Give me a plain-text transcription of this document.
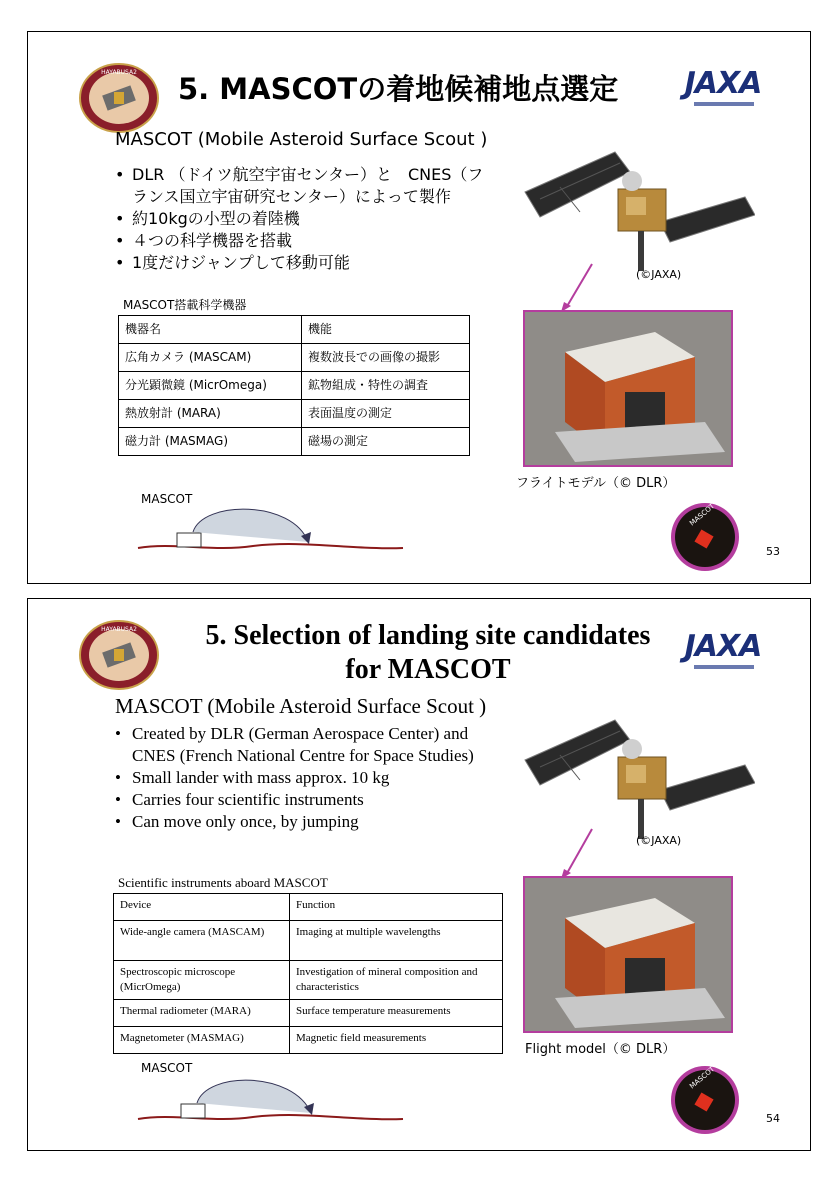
HAYABUSA2 5. MASCOTの着地候補地点選定 JAXA
MASCOT (Mobile Asteroid Surface Scout )
• DLR （ドイツ航空宇宙センター）と　CNES（フランス国立宇宙研究センター）によって製作
• 約10kgの小型の着陸機
• ４つの科学機器を搭載
• 1度だけジャンプして移動可能
MASCOT搭載科学機器
機器名	機能
広角カメラ (MASCAM)	複数波長での画像の撮影
分光顕微鏡 (MicrOmega)	鉱物組成・特性の調査
熱放射計 (MARA)	表面温度の測定
磁力計 (MASMAG)	磁場の測定
(©JAXA)
フライトモデル（© DLR）
MASCOT
53
MASCOT
HAYABUSA2	5. Selection of landing site candidates
for MASCOT
JAXA
MASCOT (Mobile Asteroid Surface Scout )
• Created by DLR (German Aerospace Center) and CNES (French National Centre for Space Studies)
• Small lander with mass approx. 10 kg
• Carries four scientific instruments
• Can move only once, by jumping
Scientific instruments aboard MASCOT
Device	Function
Wide-angle camera (MASCAM)	Imaging at multiple wavelengths
Spectroscopic microscope (MicrOmega)	Investigation of mineral composition and characteristics
Thermal radiometer (MARA)	Surface temperature measurements
Magnetometer (MASMAG)	Magnetic field measurements
(©JAXA)
Flight model（© DLR）
MASCOT
54
MASCOT
